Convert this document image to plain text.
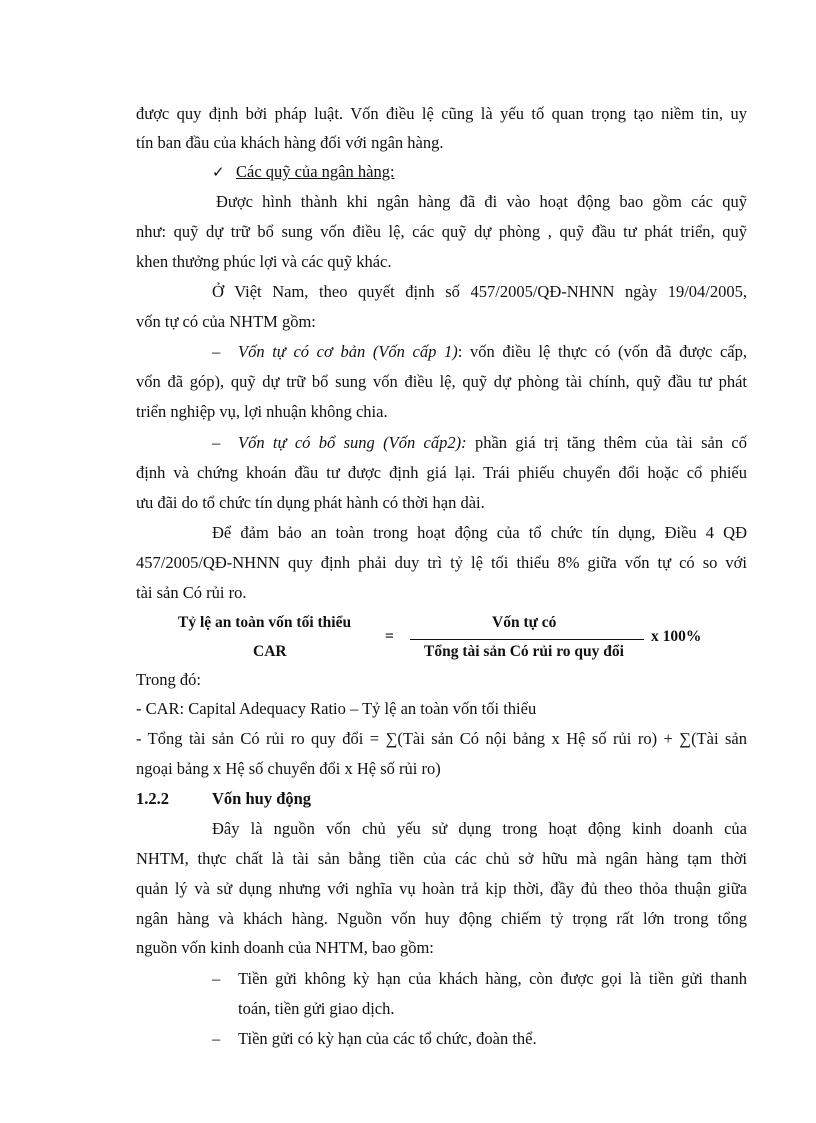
được quy định bởi pháp luật. Vốn điều lệ cũng là yếu tố quan trọng tạo niềm tin, uy
tín ban đầu của khách hàng đối với ngân hàng.
✓ Các quỹ của ngân hàng:
Được hình thành khi ngân hàng đã đi vào hoạt động bao gồm các quỹ
như: quỹ dự trữ bổ sung vốn điều lệ, các quỹ dự phòng , quỹ đầu tư phát triển, quỹ
khen thưởng phúc lợi và các quỹ khác.
Ở Việt Nam, theo quyết định số 457/2005/QĐ-NHNN ngày 19/04/2005,
vốn tự có của NHTM gồm:
– Vốn tự có cơ bản (Vốn cấp 1): vốn điều lệ thực có (vốn đã được cấp,
vốn đã góp), quỹ dự trữ bổ sung vốn điều lệ, quỹ dự phòng tài chính, quỹ đầu tư phát
triển nghiệp vụ, lợi nhuận không chia.
– Vốn tự có bổ sung (Vốn cấp2): phần giá trị tăng thêm của tài sản cố
định và chứng khoán đầu tư được định giá lại. Trái phiếu chuyển đổi hoặc cổ phiếu
ưu đãi do tổ chức tín dụng phát hành có thời hạn dài.
Để đảm bảo an toàn trong hoạt động của tổ chức tín dụng, Điều 4 QĐ
457/2005/QĐ-NHNN quy định phải duy trì tỷ lệ tối thiểu 8% giữa vốn tự có so với
tài sản Có rủi ro.
Tỷ lệ an toàn vốn tối thiểu
CAR
=
Vốn tự có
Tổng tài sản Có rủi ro quy đổi
x 100%
Trong đó:
- CAR: Capital Adequacy Ratio – Tỷ lệ an toàn vốn tối thiểu
- Tổng tài sản Có rủi ro quy đổi = ∑(Tài sản Có nội bảng x Hệ số rủi ro) + ∑(Tài sản
ngoại bảng x Hệ số chuyển đổi x Hệ số rủi ro)
1.2.2	Vốn huy động
Đây là nguồn vốn chủ yếu sử dụng trong hoạt động kinh doanh của
NHTM, thực chất là tài sản bằng tiền của các chủ sở hữu mà ngân hàng tạm thời
quản lý và sử dụng nhưng với nghĩa vụ hoàn trả kịp thời, đầy đủ theo thỏa thuận giữa
ngân hàng và khách hàng. Nguồn vốn huy động chiếm tỷ trọng rất lớn trong tổng
nguồn vốn kinh doanh của NHTM, bao gồm:
– Tiền gửi không kỳ hạn của khách hàng, còn được gọi là tiền gửi thanh
toán, tiền gửi giao dịch.
– Tiền gửi có kỳ hạn của các tổ chức, đoàn thể.
